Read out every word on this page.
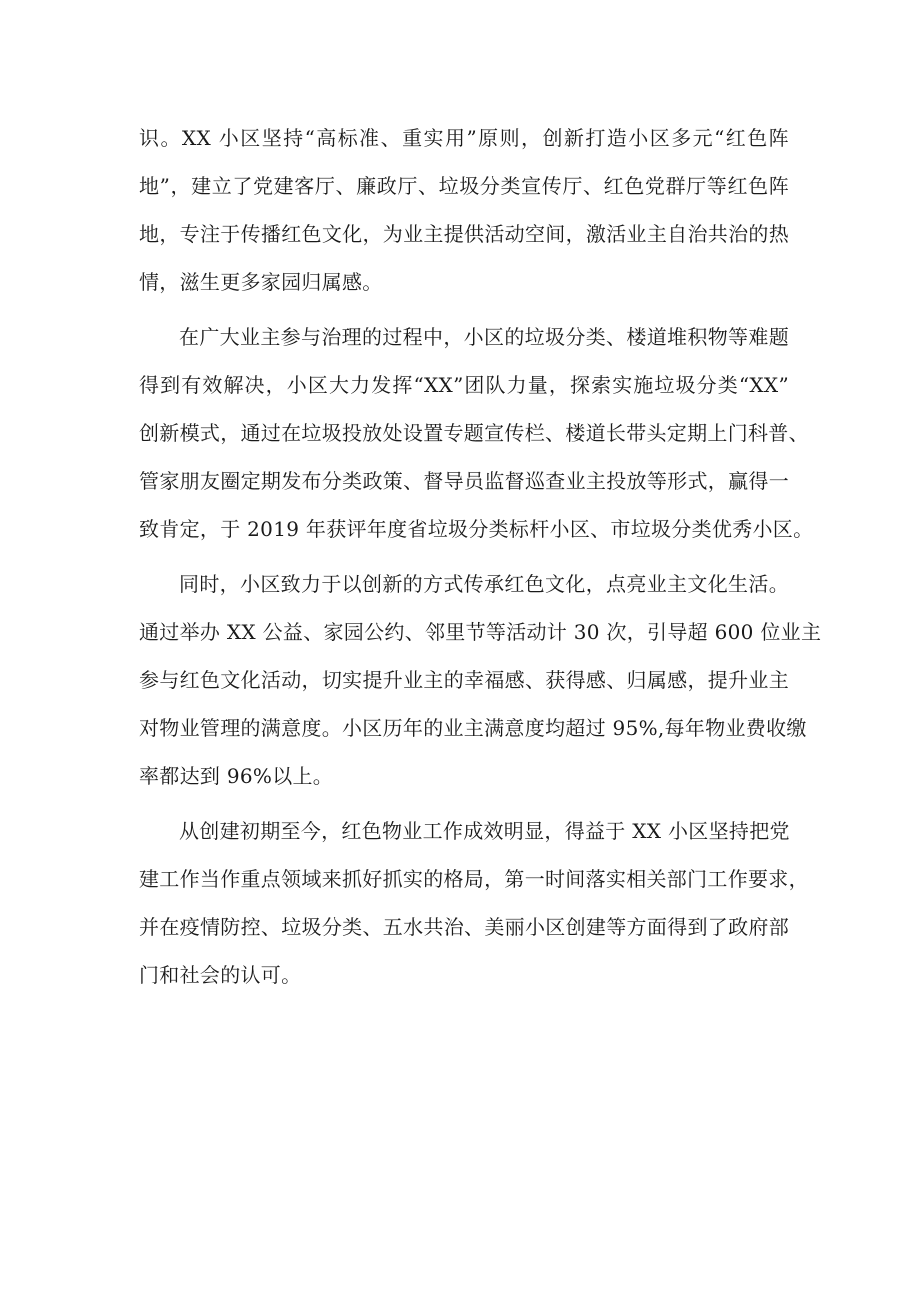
识。XX 小区坚持“高标准、重实用”原则，创新打造小区多元“红色阵
地”，建立了党建客厅、廉政厅、垃圾分类宣传厅、红色党群厅等红色阵
地，专注于传播红色文化，为业主提供活动空间，激活业主自治共治的热
情，滋生更多家园归属感。
在广大业主参与治理的过程中，小区的垃圾分类、楼道堆积物等难题
得到有效解决，小区大力发挥“XX”团队力量，探索实施垃圾分类“XX”
创新模式，通过在垃圾投放处设置专题宣传栏、楼道长带头定期上门科普、
管家朋友圈定期发布分类政策、督导员监督巡查业主投放等形式，赢得一
致肯定，于 2019 年获评年度省垃圾分类标杆小区、市垃圾分类优秀小区。
同时，小区致力于以创新的方式传承红色文化，点亮业主文化生活。
通过举办 XX 公益、家园公约、邻里节等活动计 30 次，引导超 600 位业主
参与红色文化活动，切实提升业主的幸福感、获得感、归属感，提升业主
对物业管理的满意度。小区历年的业主满意度均超过 95%,每年物业费收缴
率都达到 96%以上。
从创建初期至今，红色物业工作成效明显，得益于 XX 小区坚持把党
建工作当作重点领域来抓好抓实的格局，第一时间落实相关部门工作要求，
并在疫情防控、垃圾分类、五水共治、美丽小区创建等方面得到了政府部
门和社会的认可。
